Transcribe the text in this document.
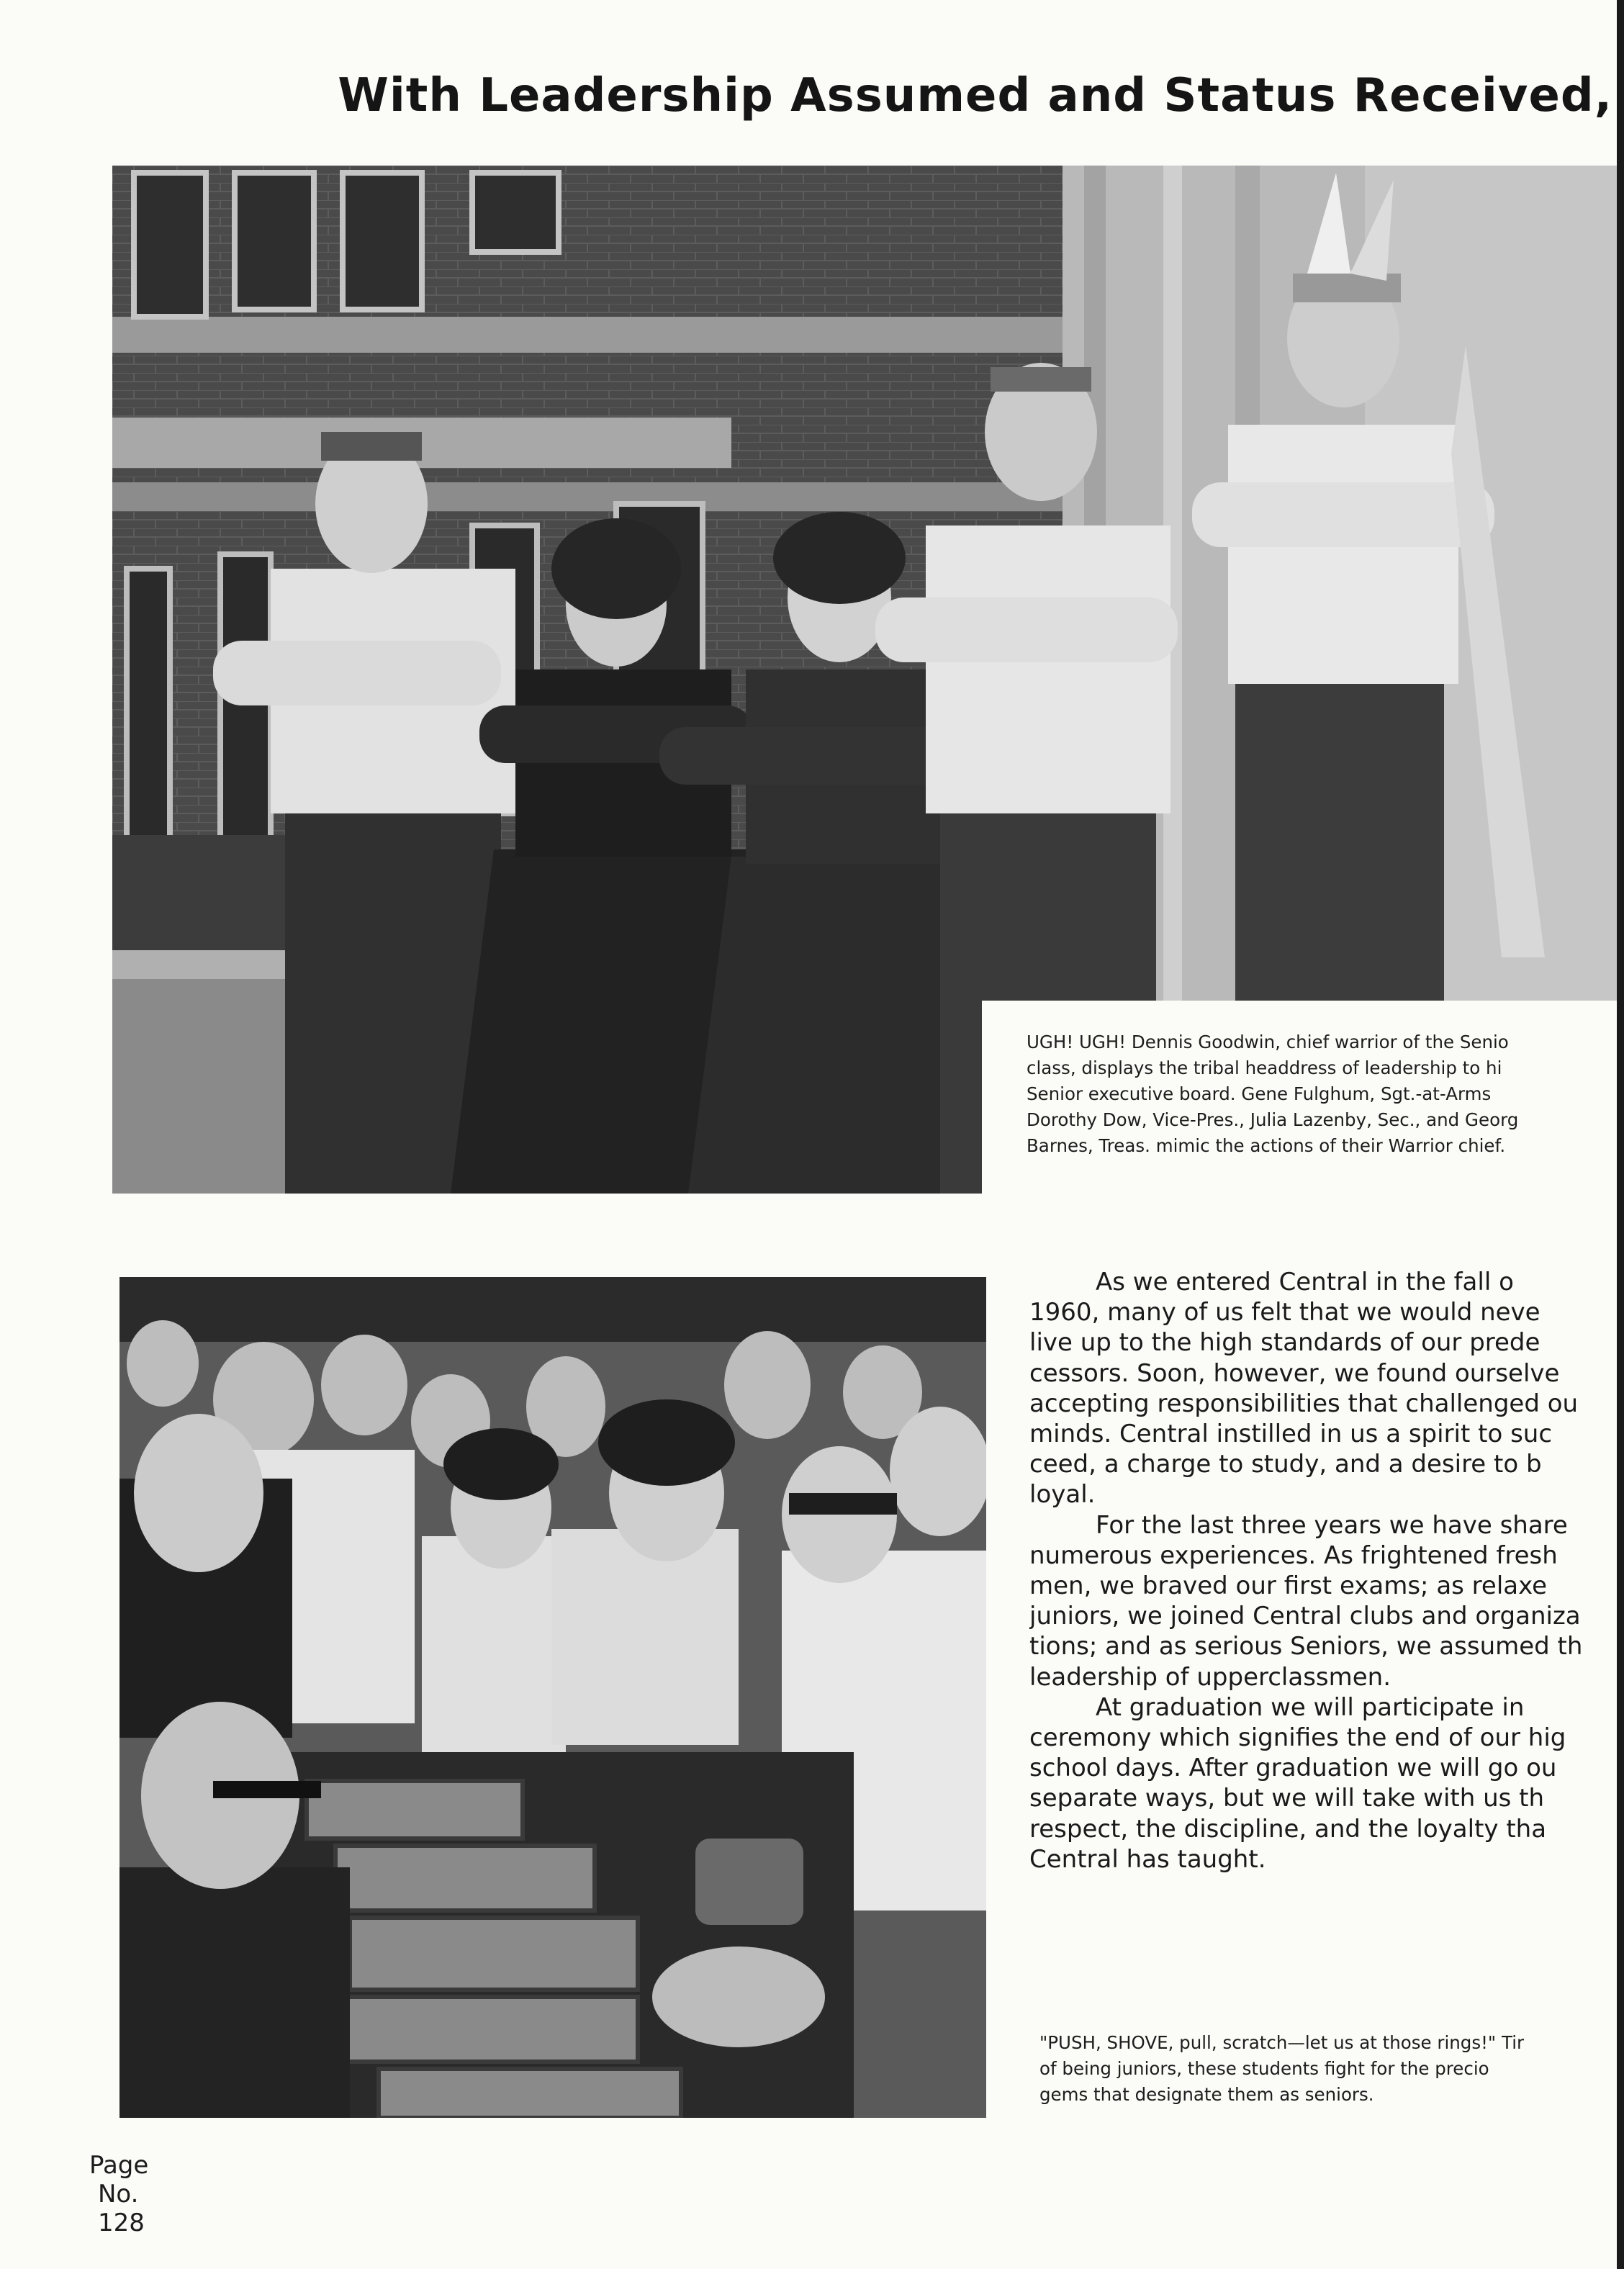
With Leadership Assumed and Status Received,
UGH! UGH! Dennis Goodwin, chief warrior of the Senio
class, displays the tribal headdress of leadership to hi
Senior executive board. Gene Fulghum, Sgt.-at-Arms
Dorothy Dow, Vice-Pres., Julia Lazenby, Sec., and Georg
Barnes, Treas. mimic the actions of their Warrior chief.
As we entered Central in the fall o
1960, many of us felt that we would neve
live up to the high standards of our prede
cessors. Soon, however, we found ourselve
accepting responsibilities that challenged ou
minds. Central instilled in us a spirit to suc
ceed, a charge to study, and a desire to b
loyal.
For the last three years we have share
numerous experiences. As frightened fresh
men, we braved our first exams; as relaxe
juniors, we joined Central clubs and organiza
tions; and as serious Seniors, we assumed th
leadership of upperclassmen.
At graduation we will participate in
ceremony which signifies the end of our hig
school days. After graduation we will go ou
separate ways, but we will take with us th
respect, the discipline, and the loyalty tha
Central has taught.
"PUSH, SHOVE, pull, scratch—let us at those rings!" Tir
of being juniors, these students fight for the precio
gems that designate them as seniors.
Page
No.
128
